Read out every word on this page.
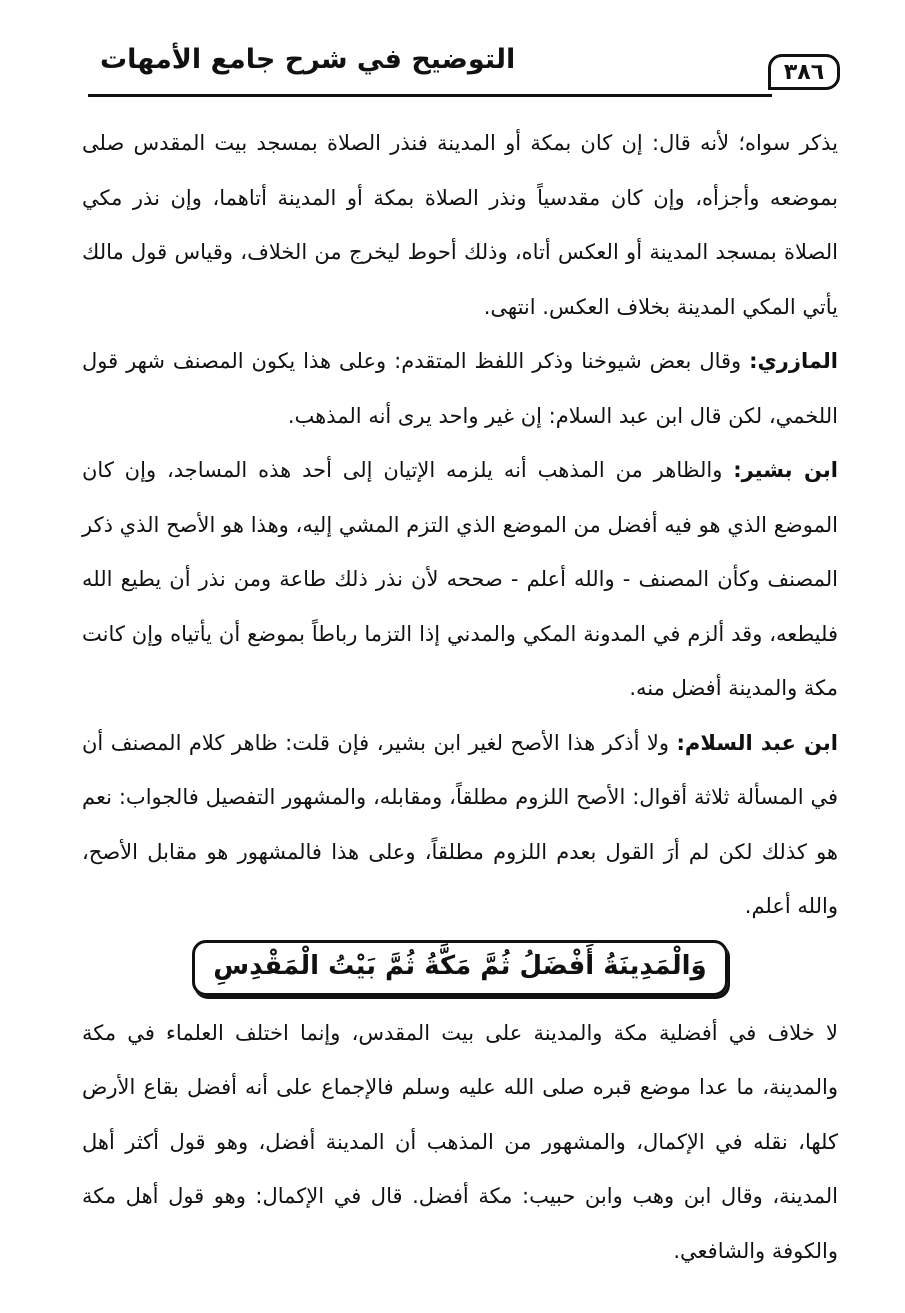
٣٨٦
التوضيح في شرح جامع الأمهات

يذكر سواه؛ لأنه قال: إن كان بمكة أو المدينة فنذر الصلاة بمسجد بيت المقدس صلى بموضعه وأجزأه، وإن كان مقدسياً ونذر الصلاة بمكة أو المدينة أتاهما، وإن نذر مكي الصلاة بمسجد المدينة أو العكس أتاه، وذلك أحوط ليخرج من الخلاف، وقياس قول مالك يأتي المكي المدينة بخلاف العكس. انتهى.

المازري: وقال بعض شيوخنا وذكر اللفظ المتقدم: وعلى هذا يكون المصنف شهر قول اللخمي، لكن قال ابن عبد السلام: إن غير واحد يرى أنه المذهب.

ابن بشير: والظاهر من المذهب أنه يلزمه الإتيان إلى أحد هذه المساجد، وإن كان الموضع الذي هو فيه أفضل من الموضع الذي التزم المشي إليه، وهذا هو الأصح الذي ذكر المصنف وكأن المصنف - والله أعلم - صححه لأن نذر ذلك طاعة ومن نذر أن يطيع الله فليطعه، وقد ألزم في المدونة المكي والمدني إذا التزما رباطاً بموضع أن يأتياه وإن كانت مكة والمدينة أفضل منه.

ابن عبد السلام: ولا أذكر هذا الأصح لغير ابن بشير، فإن قلت: ظاهر كلام المصنف أن في المسألة ثلاثة أقوال: الأصح اللزوم مطلقاً، ومقابله، والمشهور التفصيل فالجواب: نعم هو كذلك لكن لم أرَ القول بعدم اللزوم مطلقاً، وعلى هذا فالمشهور هو مقابل الأصح، والله أعلم.

وَالْمَدِينَةُ أَفْضَلُ ثُمَّ مَكَّةُ ثُمَّ بَيْتُ الْمَقْدِسِ

لا خلاف في أفضلية مكة والمدينة على بيت المقدس، وإنما اختلف العلماء في مكة والمدينة، ما عدا موضع قبره صلى الله عليه وسلم فالإجماع على أنه أفضل بقاع الأرض كلها، نقله في الإكمال، والمشهور من المذهب أن المدينة أفضل، وهو قول أكثر أهل المدينة، وقال ابن وهب وابن حبيب: مكة أفضل. قال في الإكمال: وهو قول أهل مكة والكوفة والشافعي.
